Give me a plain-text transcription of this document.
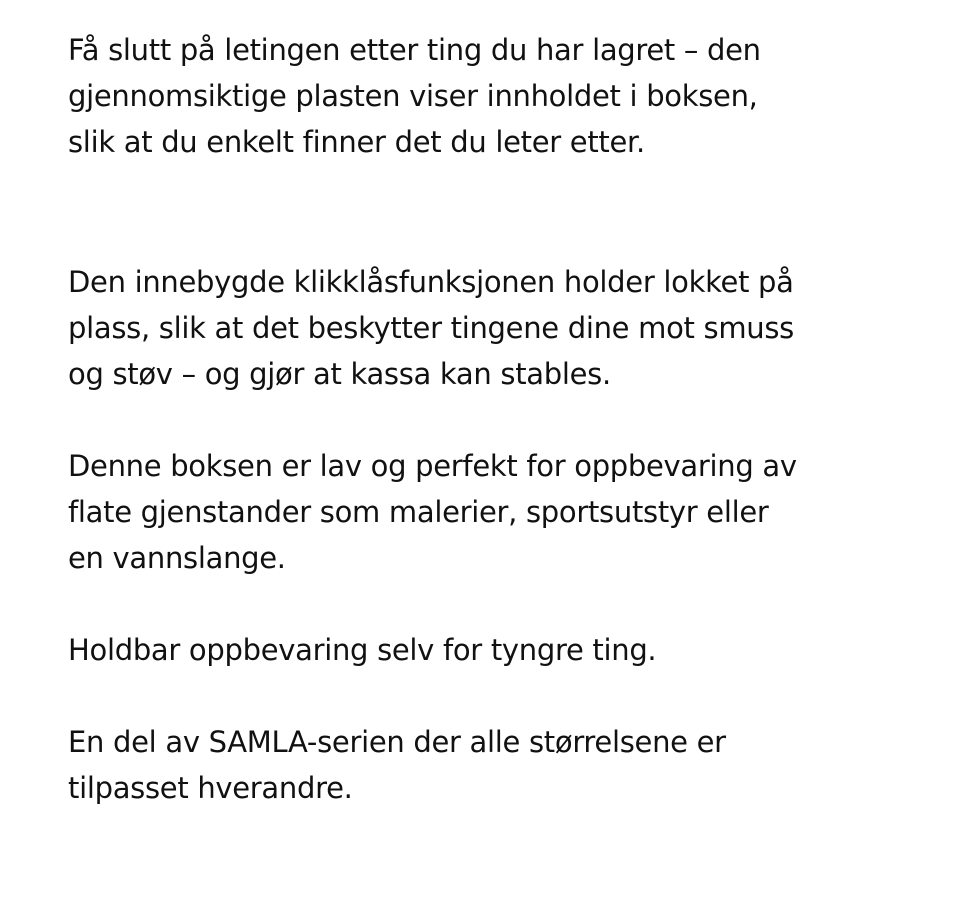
Få slutt på letingen etter ting du har lagret – den
gjennomsiktige plasten viser innholdet i boksen,
slik at du enkelt finner det du leter etter.

Den innebygde klikklåsfunksjonen holder lokket på
plass, slik at det beskytter tingene dine mot smuss
og støv – og gjør at kassa kan stables.

Denne boksen er lav og perfekt for oppbevaring av
flate gjenstander som malerier, sportsutstyr eller
en vannslange.

Holdbar oppbevaring selv for tyngre ting.

En del av SAMLA-serien der alle størrelsene er
tilpasset hverandre.
